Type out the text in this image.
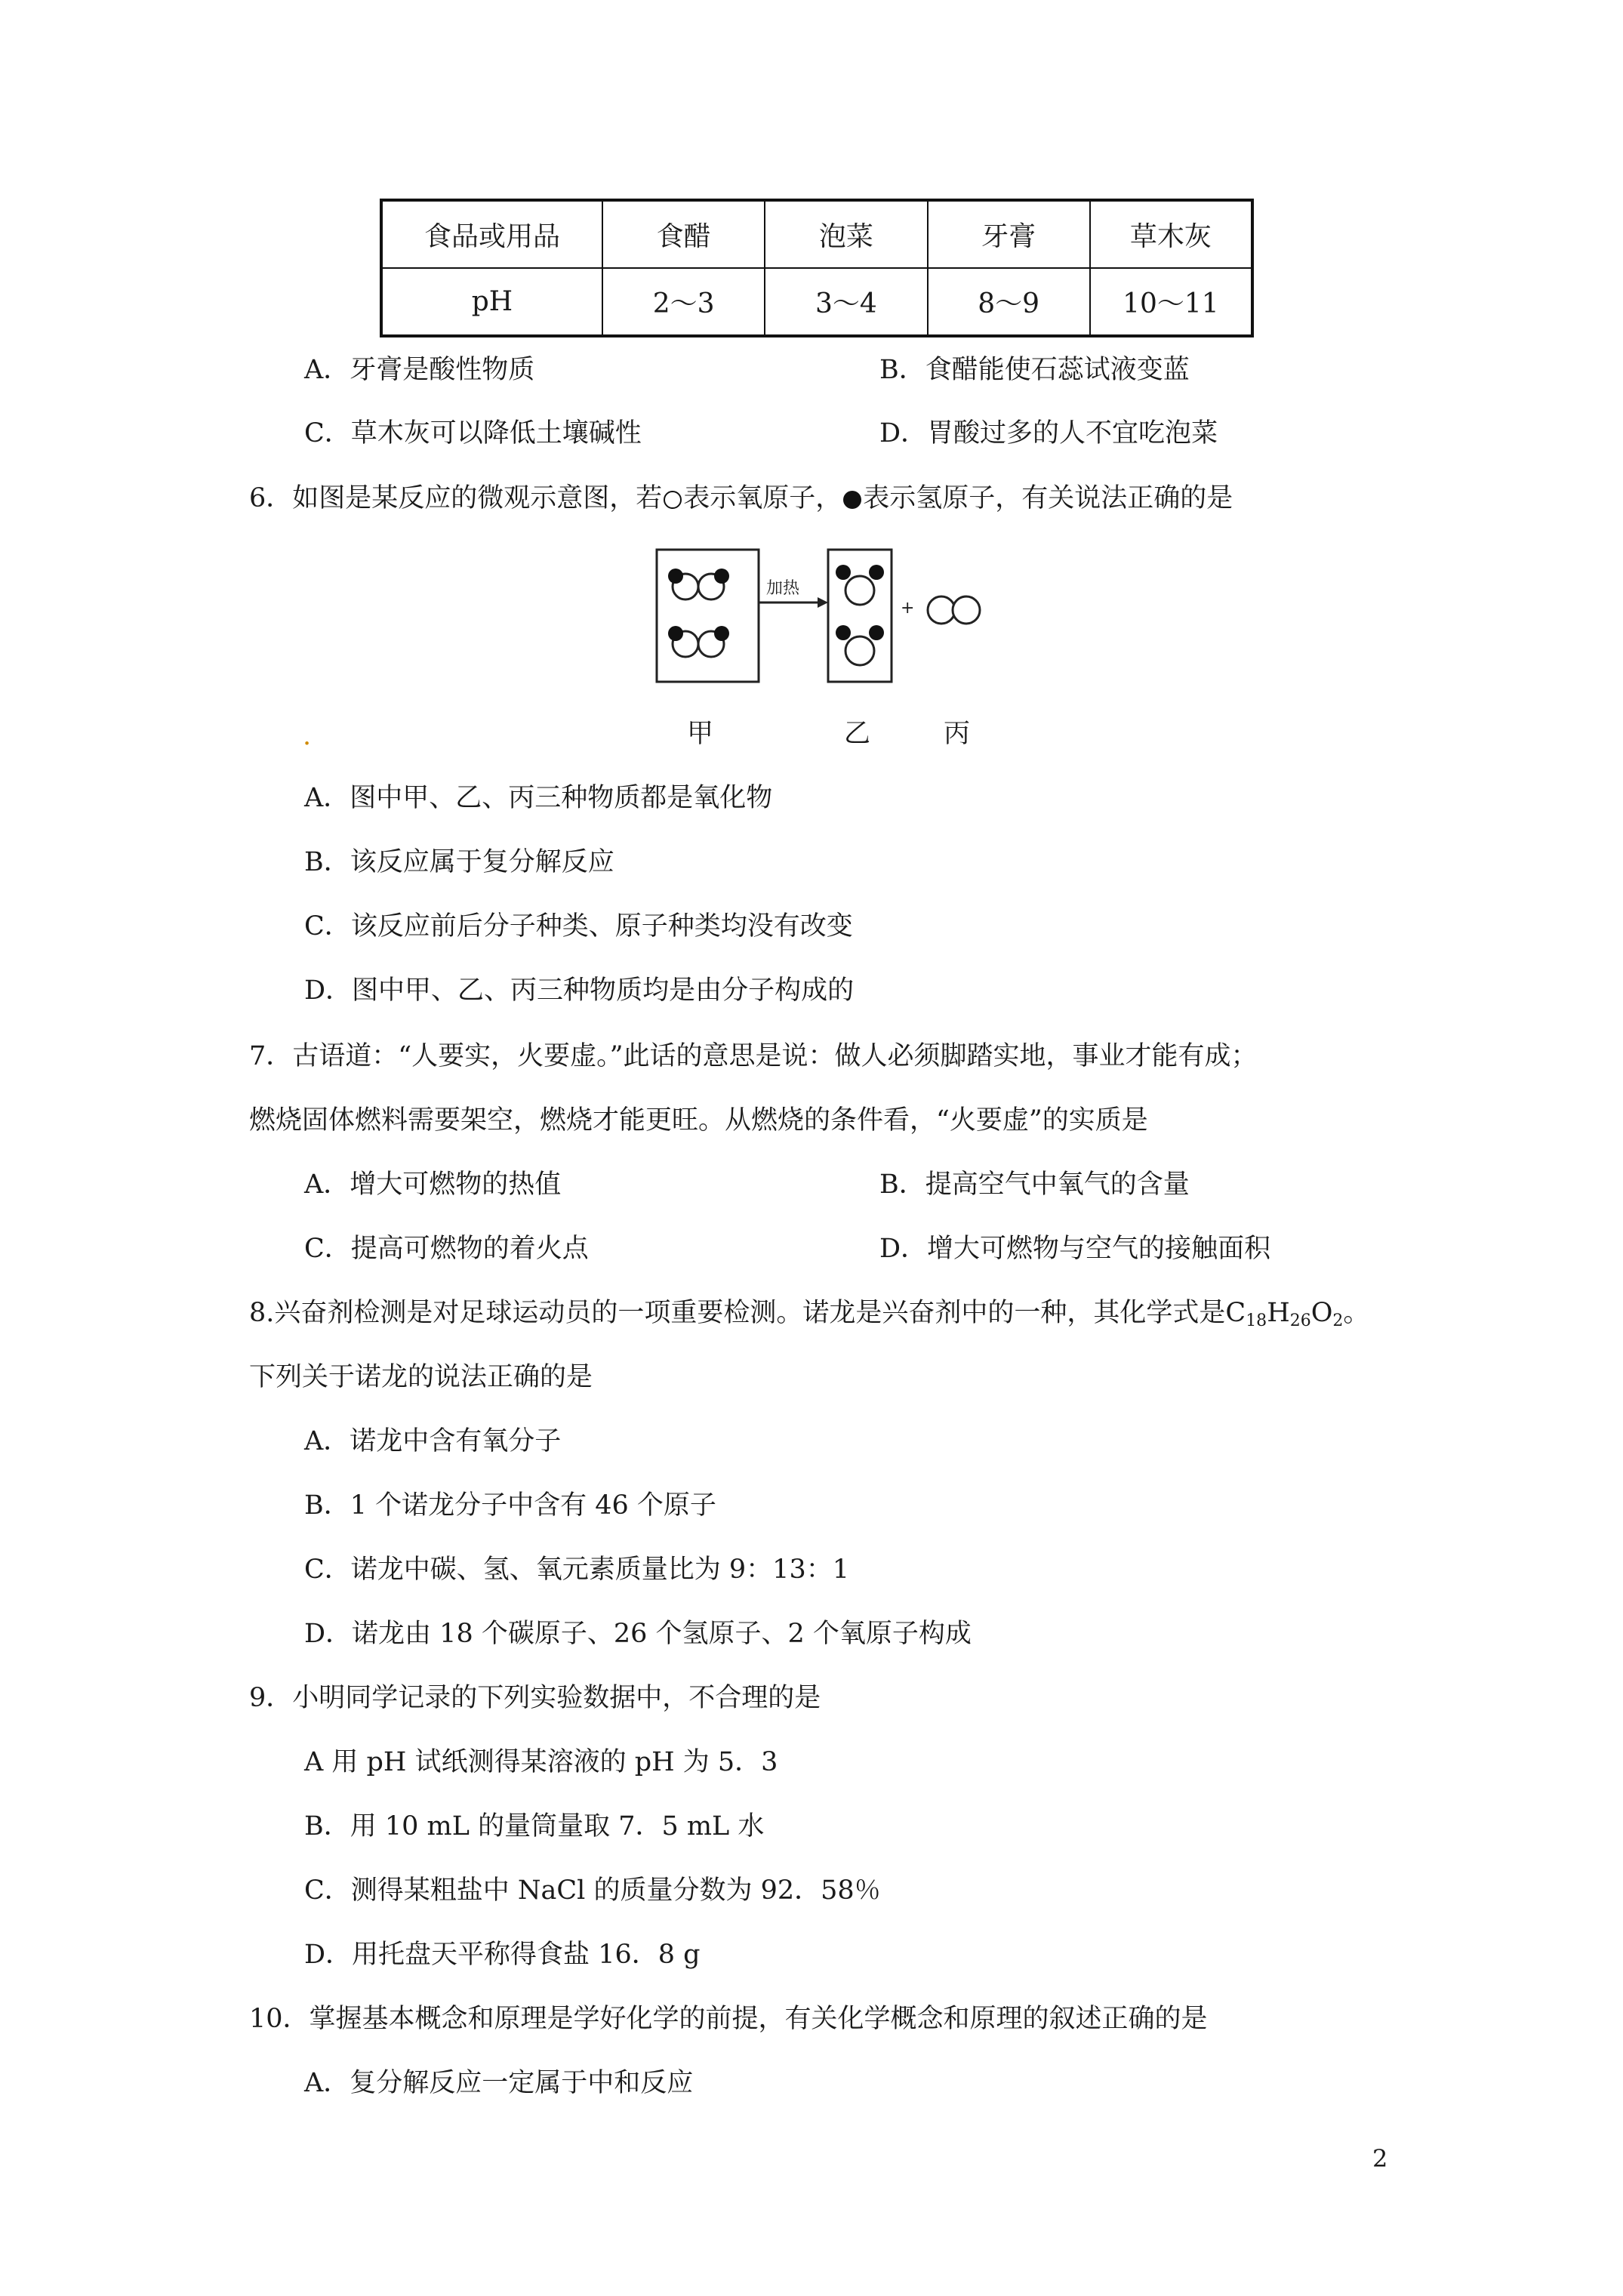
食品或用品	食醋	泡菜	牙膏	草木灰
pH	2～3	3～4	8～9	10～11
A．牙膏是酸性物质	B．食醋能使石蕊试液变蓝
C．草木灰可以降低土壤碱性	D．胃酸过多的人不宜吃泡菜
6．如图是某反应的微观示意图，若 表示氧原子， 表示氢原子，有关说法正确的是
加热
+
.	甲	乙	丙
A．图中甲、乙、丙三种物质都是氧化物
B．该反应属于复分解反应
C．该反应前后分子种类、原子种类均没有改变
D．图中甲、乙、丙三种物质均是由分子构成的
7．古语道：“人要实，火要虚。”此话的意思是说：做人必须脚踏实地，事业才能有成；
燃烧固体燃料需要架空，燃烧才能更旺。从燃烧的条件看，“火要虚”的实质是
A．增大可燃物的热值	B．提高空气中氧气的含量
C．提高可燃物的着火点	D．增大可燃物与空气的接触面积
8.兴奋剂检测是对足球运动员的一项重要检测。诺龙是兴奋剂中的一种，其化学式是$C_{18}H_{26}O_2$。
下列关于诺龙的说法正确的是
A．诺龙中含有氧分子
B．1 个诺龙分子中含有 46 个原子
C．诺龙中碳、氢、氧元素质量比为 9：13：1
D．诺龙由 18 个碳原子、26 个氢原子、2 个氧原子构成
9．小明同学记录的下列实验数据中，不合理的是
A 用 pH 试纸测得某溶液的 pH 为 5．3
B．用 10 mL 的量筒量取 7．5 mL 水
C．测得某粗盐中 NaCl 的质量分数为 92．58％
D．用托盘天平称得食盐 16．8 g
10．掌握基本概念和原理是学好化学的前提，有关化学概念和原理的叙述正确的是
A．复分解反应一定属于中和反应
2
